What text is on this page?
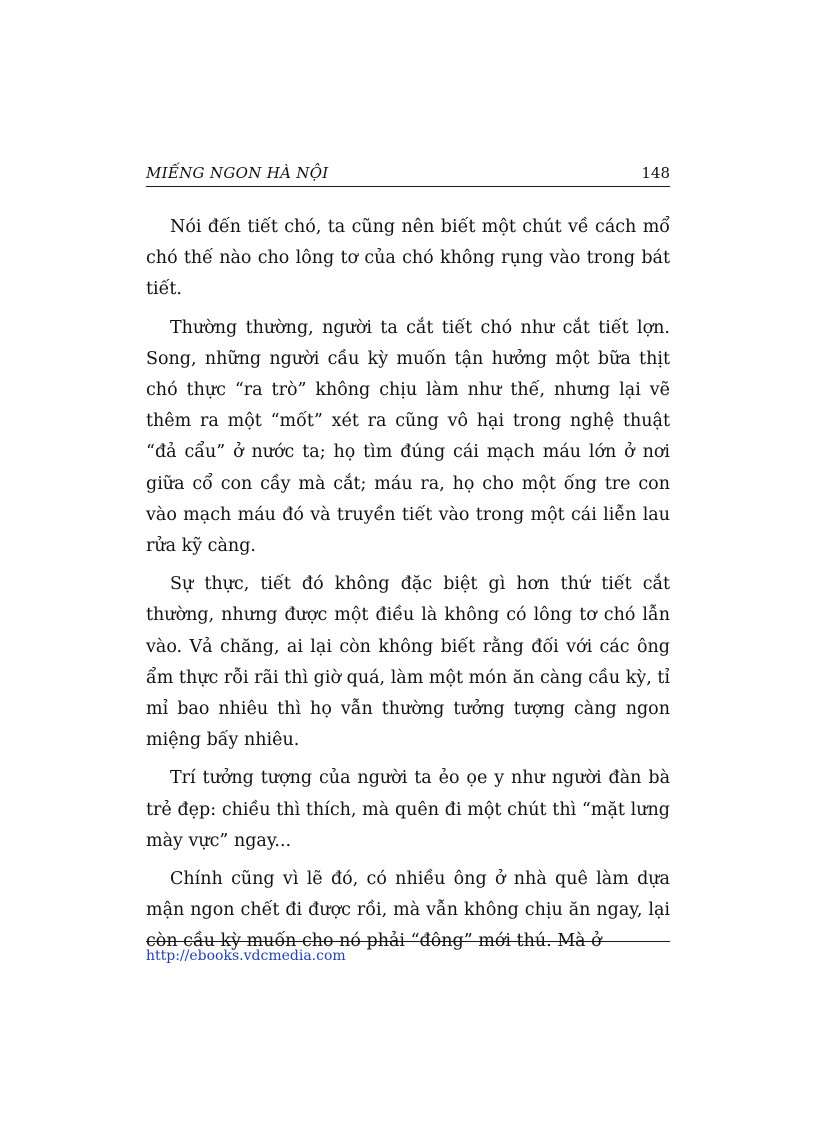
MIẾNG NGON HÀ NỘI	148

Nói đến tiết chó, ta cũng nên biết một chút về cách mổ chó thế nào cho lông tơ của chó không rụng vào trong bát tiết.

Thường thường, người ta cắt tiết chó như cắt tiết lợn. Song, những người cầu kỳ muốn tận hưởng một bữa thịt chó thực “ra trò” không chịu làm như thế, nhưng lại vẽ thêm ra một “mốt” xét ra cũng vô hại trong nghệ thuật “đả cẩu” ở nước ta; họ tìm đúng cái mạch máu lớn ở nơi giữa cổ con cầy mà cắt; máu ra, họ cho một ống tre con vào mạch máu đó và truyền tiết vào trong một cái liễn lau rửa kỹ càng.

Sự thực, tiết đó không đặc biệt gì hơn thứ tiết cắt thường, nhưng được một điều là không có lông tơ chó lẫn vào. Vả chăng, ai lại còn không biết rằng đối với các ông ẩm thực rỗi rãi thì giờ quá, làm một món ăn càng cầu kỳ, tỉ mỉ bao nhiêu thì họ vẫn thường tưởng tượng càng ngon miệng bấy nhiêu.

Trí tưởng tượng của người ta ẻo ọe y như người đàn bà trẻ đẹp: chiều thì thích, mà quên đi một chút thì “mặt lưng mày vực” ngay...

Chính cũng vì lẽ đó, có nhiều ông ở nhà quê làm dựa mận ngon chết đi được rồi, mà vẫn không chịu ăn ngay, lại còn cầu kỳ muốn cho nó phải “đông” mới thú. Mà ở

http://ebooks.vdcmedia.com
